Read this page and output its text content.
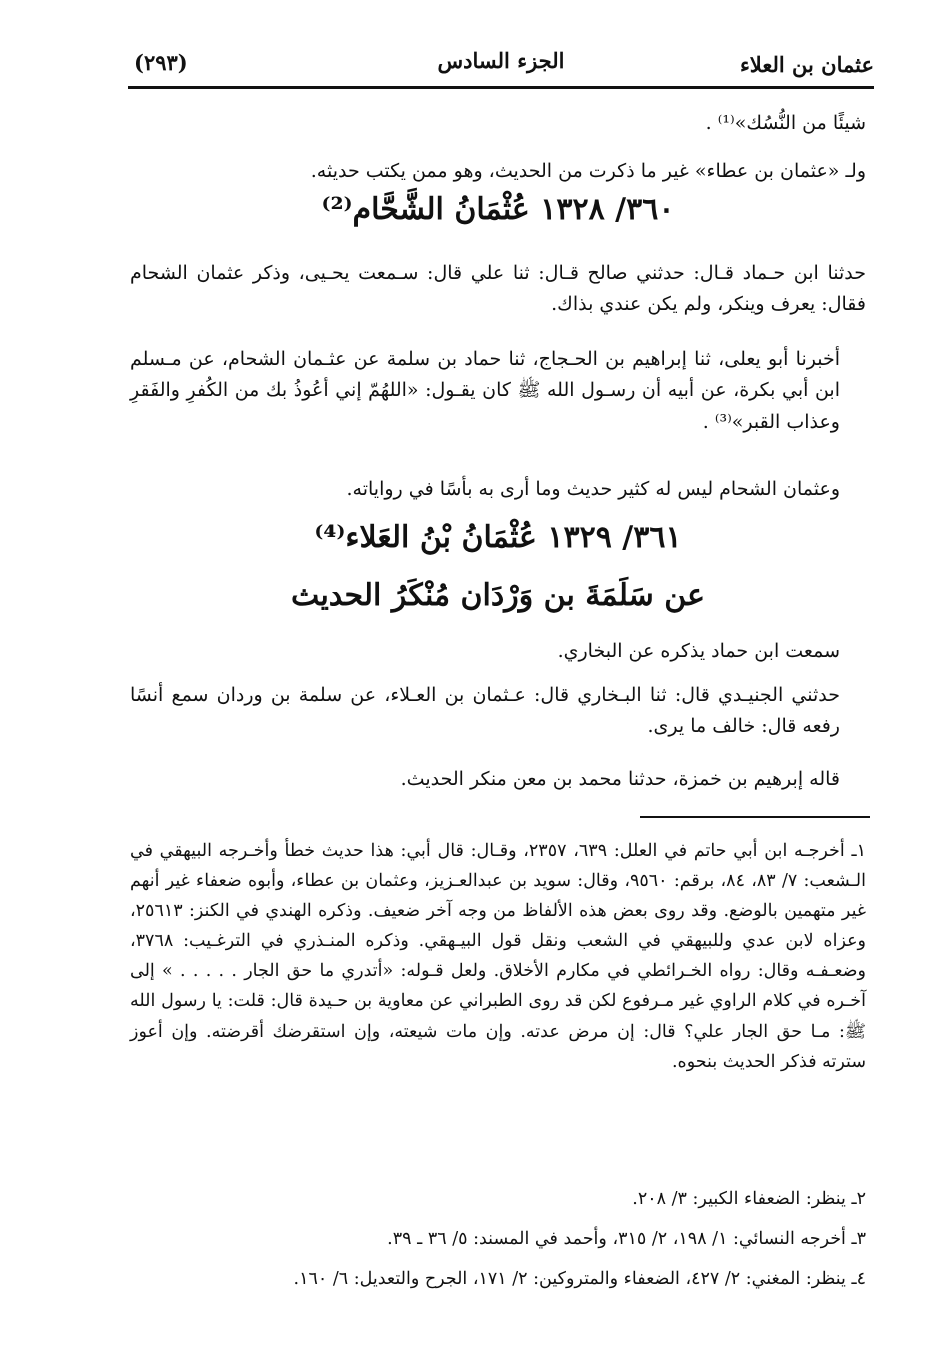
عثمان بن العلاء
الجزء السادس
(٢٩٣)
شيئًا من النُّسُك»⁽¹⁾ .
ولـ «عثمان بن عطاء» غير ما ذكرت من الحديث، وهو ممن يكتب حديثه.
٣٦٠/ ١٣٢٨ عُثْمَانُ الشَّحَّام⁽²⁾
حدثنا ابن حـماد قـال: حدثني صالح قـال: ثنا علي قال: سـمعت يحـيى، وذكر عثمان الشحام فقال: يعرف وينكر، ولم يكن عندي بذاك.
أخبرنا أبو يعلى، ثنا إبراهيم بن الحـجاج، ثنا حماد بن سلمة عن عثـمان الشحام، عن مـسلم ابن أبي بكرة، عن أبيه أن رسـول الله ﷺ كان يقـول: «اللهُمّ إني أعُوذُ بك من الكُفرِ والفَقرِ وعذاب القبر»⁽³⁾ .
وعثمان الشحام ليس له كثير حديث وما أرى به بأسًا في رواياته.
٣٦١/ ١٣٢٩ عُثْمَانُ بْنُ العَلاء⁽⁴⁾
عن سَلَمَةَ بن وَرْدَان مُنْكَرُ الحديث
سمعت ابن حماد يذكره عن البخاري.
حدثني الجنيـدي قال: ثنا البـخاري قال: عـثمان بن العـلاء، عن سلمة بن وردان سمع أنسًا رفعه قال: خالف ما يرى.
قاله إبرهيم بن خمزة، حدثنا محمد بن معن منكر الحديث.
١ـ أخرجـه ابن أبي حاتم في العلل: ٦٣٩، ٢٣٥٧، وقـال: قال أبي: هذا حديث خطأ وأخـرجه البيهقي في الـشعب: ٧/ ٨٣، ٨٤، برقم: ٩٥٦٠، وقال: سويد بن عبدالعـزيز، وعثمان بن عطاء، وأبوه ضعفاء غير أنهم غير متهمين بالوضع. وقد روى بعض هذه الألفاظ من وجه آخر ضعيف. وذكره الهندي في الكنز: ٢٥٦١٣، وعزاه لابن عدي وللبيهقي في الشعب ونقل قول البيـهقي. وذكره المنـذري في الترغـيب: ٣٧٦٨، وضعـفـه وقال: رواه الخـرائطي في مكارم الأخلاق. ولعل قـوله: «أتدري ما حق الجار . . . . . » إلى آخـره في كلام الراوي غير مـرفوع لكن قد روى الطبراني عن معاوية بن حـيدة قال: قلت: يا رسول الله ﷺ: مـا حق الجار علي؟ قال: إن مرض عدته. وإن مات شيعته، وإن استقرضك أقرضته. وإن أعوز سترته فذكر الحديث بنحوه.
٢ـ ينظر: الضعفاء الكبير: ٣/ ٢٠٨.
٣ـ أخرجه النسائي: ١/ ١٩٨، ٢/ ٣١٥، وأحمد في المسند: ٥/ ٣٦ ـ ٣٩.
٤ـ ينظر: المغني: ٢/ ٤٢٧، الضعفاء والمتروكين: ٢/ ١٧١، الجرح والتعديل: ٦/ ١٦٠.
